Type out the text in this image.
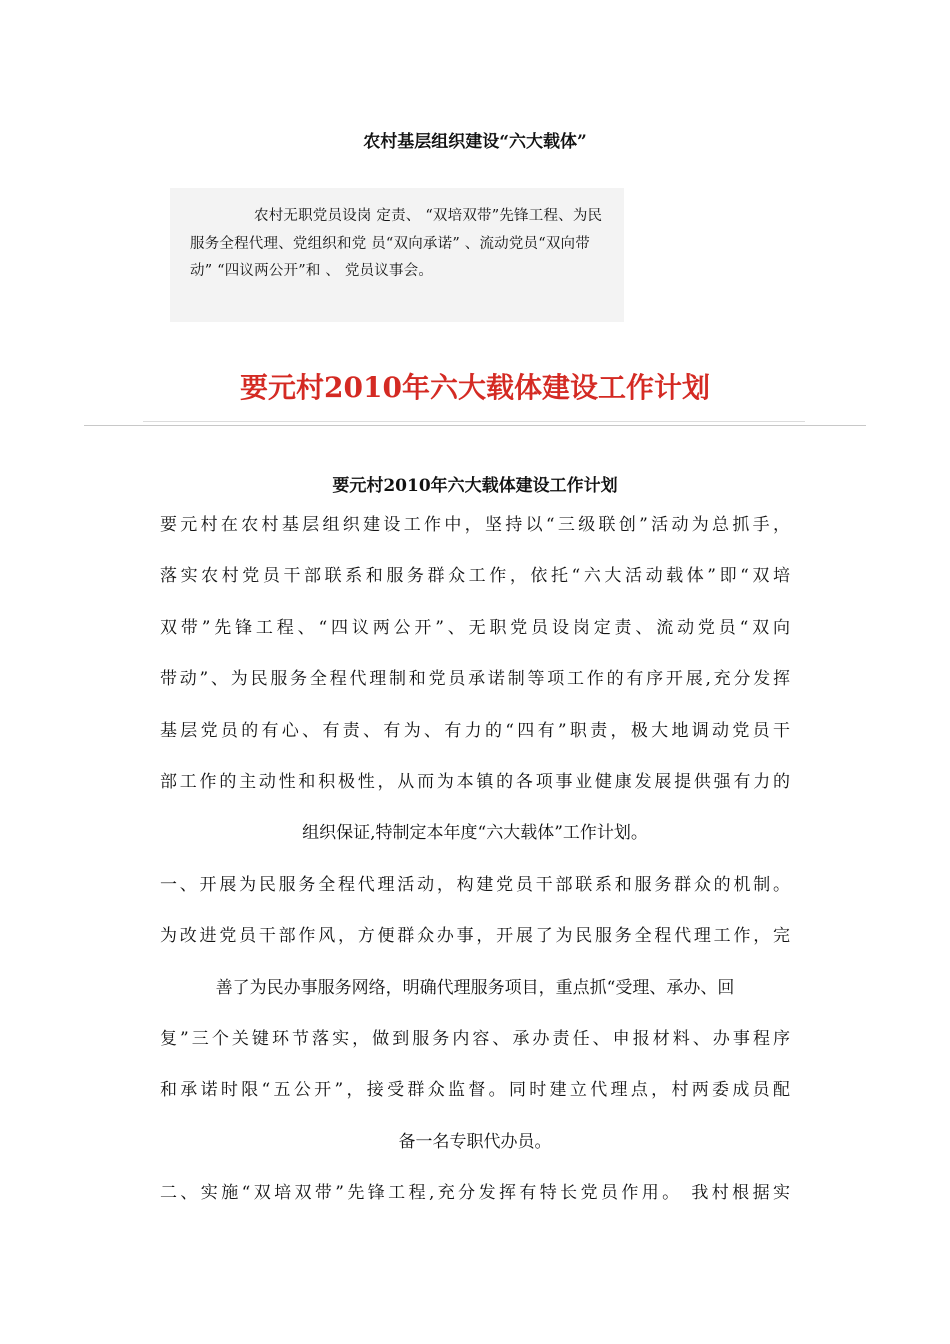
农村基层组织建设“六大载体”

农村无职党员设岗 定责、 “双培双带”先锋工程、为民服务全程代理、党组织和党 员“双向承诺” 、流动党员“双向带动” “四议两公开”和 、 党员议事会。

要元村2010年六大载体建设工作计划
要元村2010年六大载体建设工作计划
要元村在农村基层组织建设工作中，坚持以“三级联创”活动为总抓手，
落实农村党员干部联系和服务群众工作，依托“六大活动载体”即“双培
双带”先锋工程、“四议两公开”、无职党员设岗定责、流动党员“双向
带动”、为民服务全程代理制和党员承诺制等项工作的有序开展,充分发挥
基层党员的有心、有责、有为、有力的“四有”职责，极大地调动党员干
部工作的主动性和积极性，从而为本镇的各项事业健康发展提供强有力的
组织保证,特制定本年度“六大载体”工作计划。
一、开展为民服务全程代理活动，构建党员干部联系和服务群众的机制。
为改进党员干部作风，方便群众办事，开展了为民服务全程代理工作，完
善了为民办事服务网络，明确代理服务项目，重点抓“受理、承办、回
复”三个关键环节落实，做到服务内容、承办责任、申报材料、办事程序
和承诺时限“五公开”，接受群众监督。同时建立代理点，村两委成员配
备一名专职代办员。
二、实施“双培双带”先锋工程,充分发挥有特长党员作用。 我村根据实
